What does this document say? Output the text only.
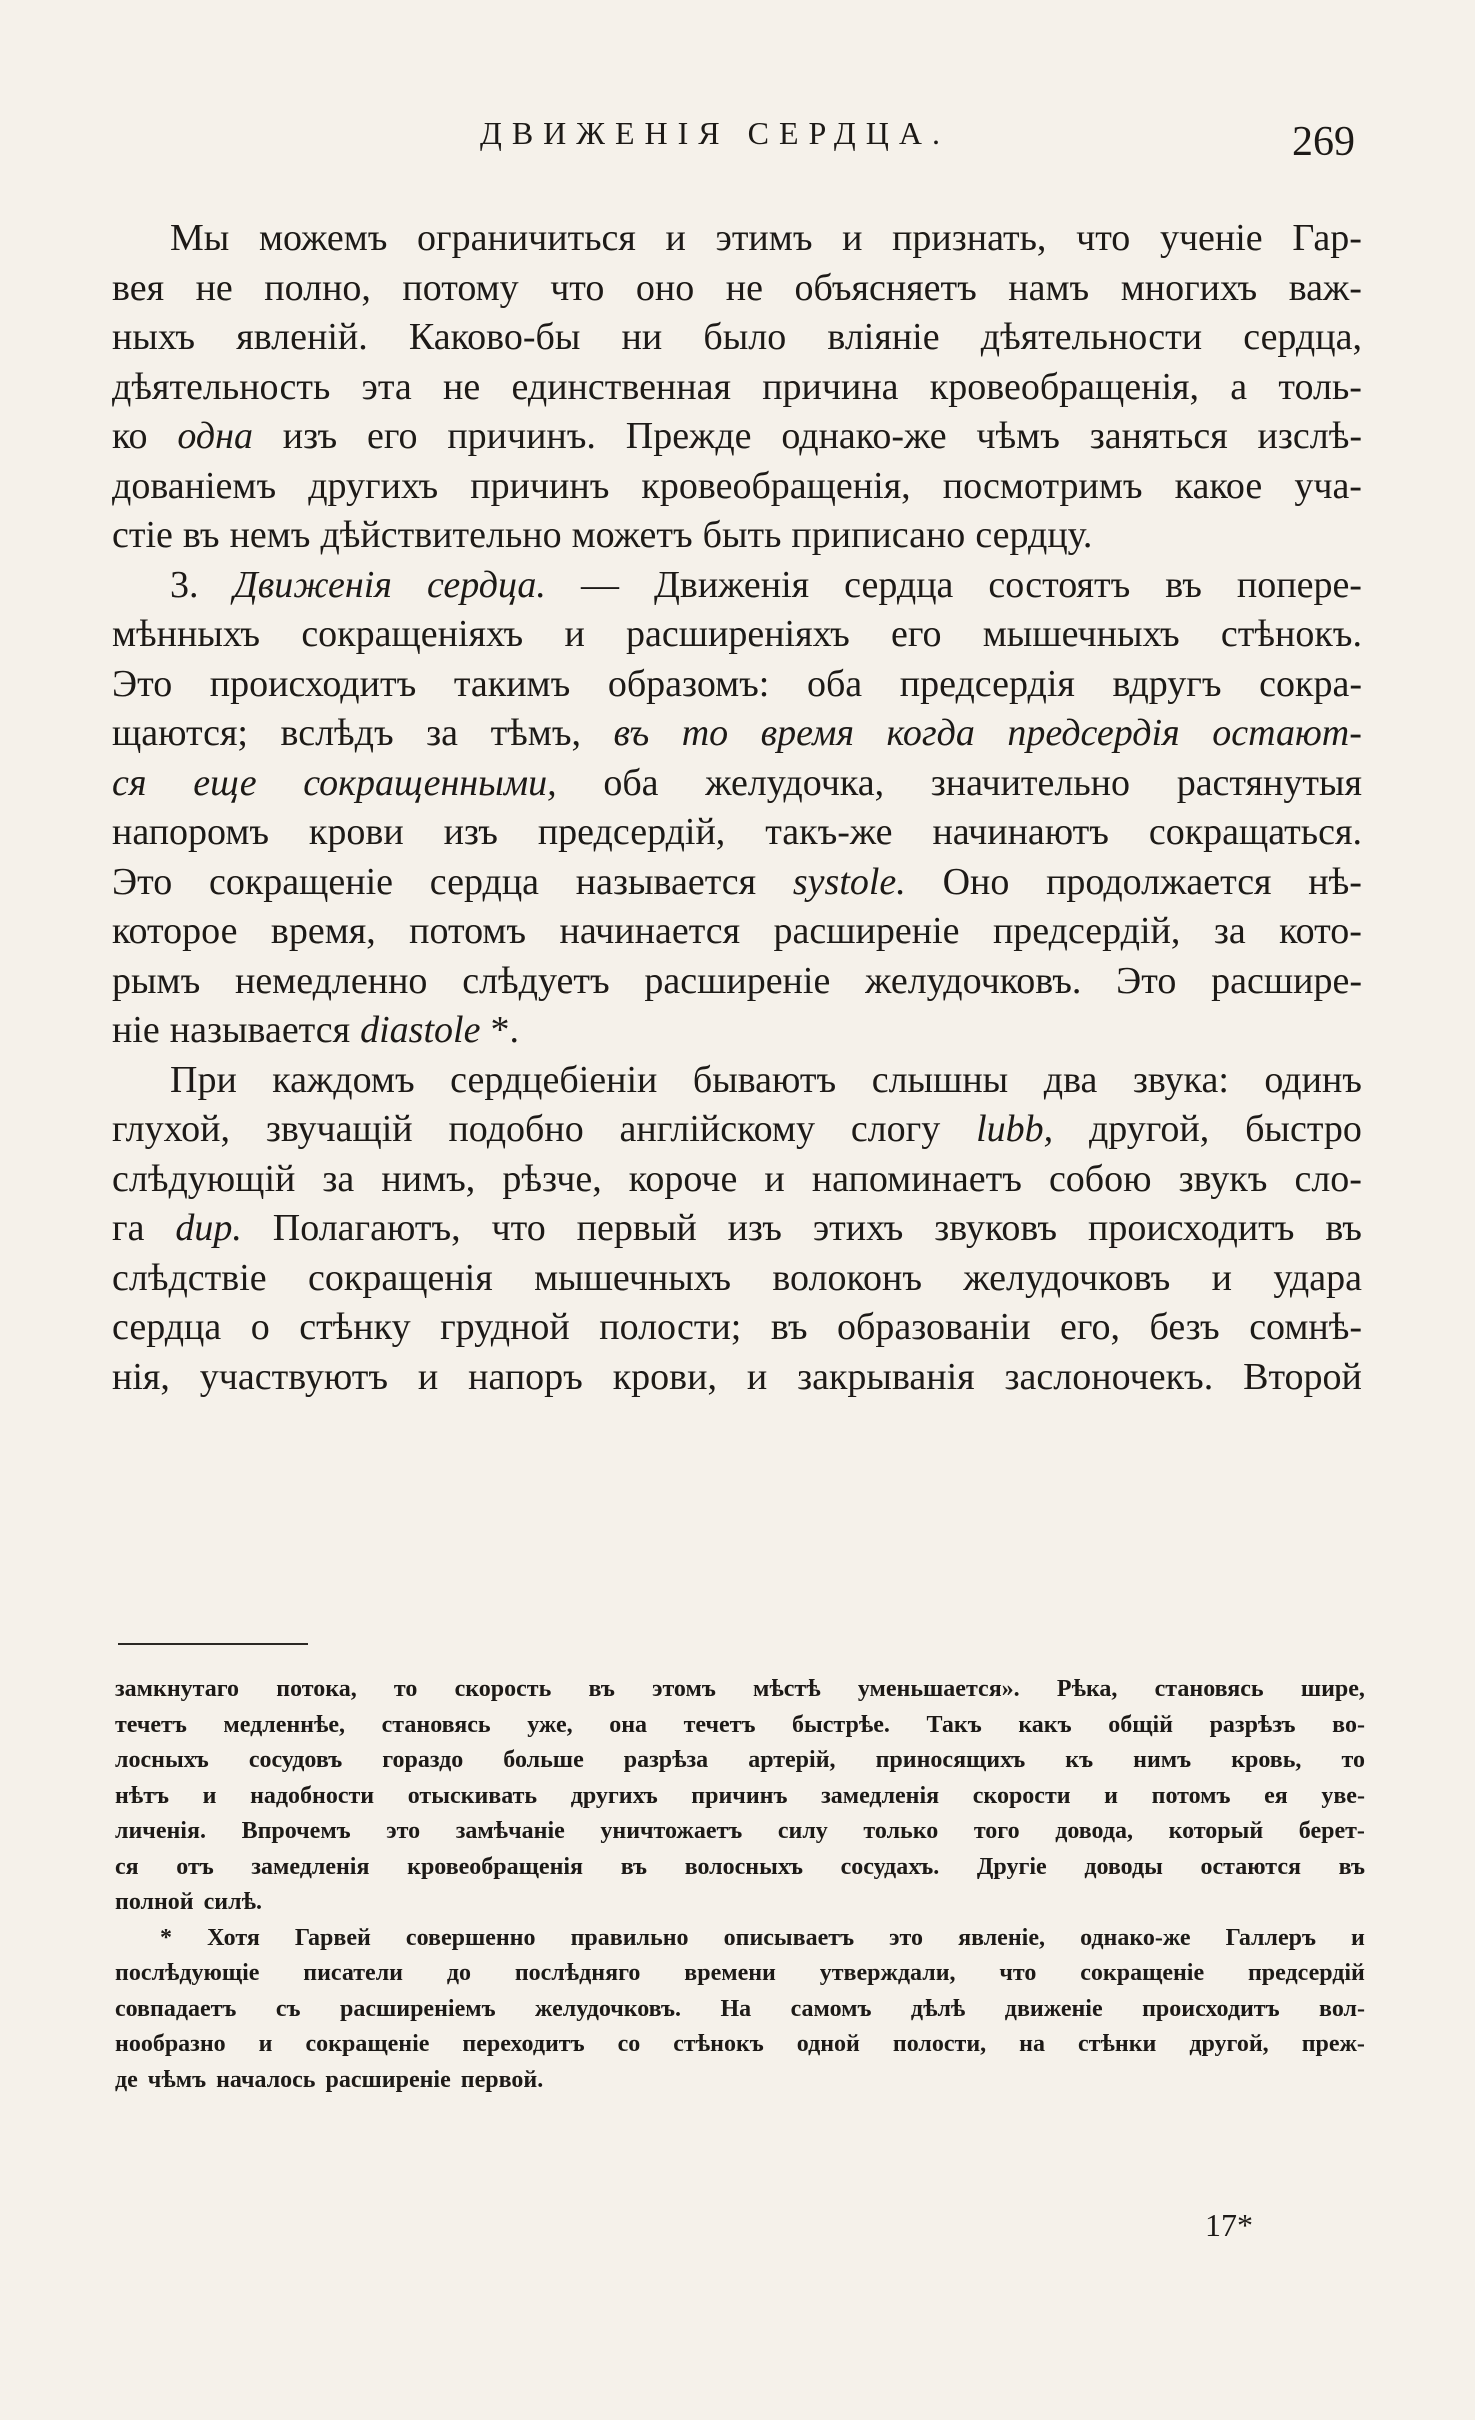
ДВИЖЕНІЯ СЕРДЦА.	269
Мы можемъ ограничиться и этимъ и признать, что ученіе Гар-
вея не полно, потому что оно не объясняетъ намъ многихъ важ-
ныхъ явленій. Каково-бы ни было вліяніе дѣятельности сердца,
дѣятельность эта не единственная причина кровеобращенія, а толь-
ко одна изъ его причинъ. Прежде однако-же чѣмъ заняться изслѣ-
дованіемъ другихъ причинъ кровеобращенія, посмотримъ какое уча-
стіе въ немъ дѣйствительно можетъ быть приписано сердцу.
3. Движенія сердца. — Движенія сердца состоятъ въ попере-
мѣнныхъ сокращеніяхъ и расширеніяхъ его мышечныхъ стѣнокъ.
Это происходитъ такимъ образомъ: оба предсердія вдругъ сокра-
щаются; вслѣдъ за тѣмъ, въ то время когда предсердія остают-
ся еще сокращенными, оба желудочка, значительно растянутыя
напоромъ крови изъ предсердій, такъ-же начинаютъ сокращаться.
Это сокращеніе сердца называется systole. Оно продолжается нѣ-
которое время, потомъ начинается расширеніе предсердій, за кото-
рымъ немедленно слѣдуетъ расширеніе желудочковъ. Это расшире-
ніе называется diastole *.
При каждомъ сердцебіеніи бываютъ слышны два звука: одинъ
глухой, звучащій подобно англійскому слогу lubb, другой, быстро
слѣдующій за нимъ, рѣзче, короче и напоминаетъ собою звукъ сло-
га dup. Полагаютъ, что первый изъ этихъ звуковъ происходитъ въ
слѣдствіе сокращенія мышечныхъ волоконъ желудочковъ и удара
сердца о стѣнку грудной полости; въ образованіи его, безъ сомнѣ-
нія, участвуютъ и напоръ крови, и закрыванія заслоночекъ. Второй
замкнутаго потока, то скорость въ этомъ мѣстѣ уменьшается». Рѣка, становясь шире,
течетъ медленнѣе, становясь уже, она течетъ быстрѣе. Такъ какъ общій разрѣзъ во-
лосныхъ сосудовъ гораздо больше разрѣза артерій, приносящихъ къ нимъ кровь, то
нѣтъ и надобности отыскивать другихъ причинъ замедленія скорости и потомъ ея уве-
личенія. Впрочемъ это замѣчаніе уничтожаетъ силу только того довода, который берет-
ся отъ замедленія кровеобращенія въ волосныхъ сосудахъ. Другіе доводы остаются въ
полной силѣ.
* Хотя Гарвей совершенно правильно описываетъ это явленіе, однако-же Галлеръ и
послѣдующіе писатели до послѣдняго времени утверждали, что сокращеніе предсердій
совпадаетъ съ расширеніемъ желудочковъ. На самомъ дѣлѣ движеніе происходитъ вол-
нообразно и сокращеніе переходитъ со стѣнокъ одной полости, на стѣнки другой, преж-
де чѣмъ началось расширеніе первой.
17*
